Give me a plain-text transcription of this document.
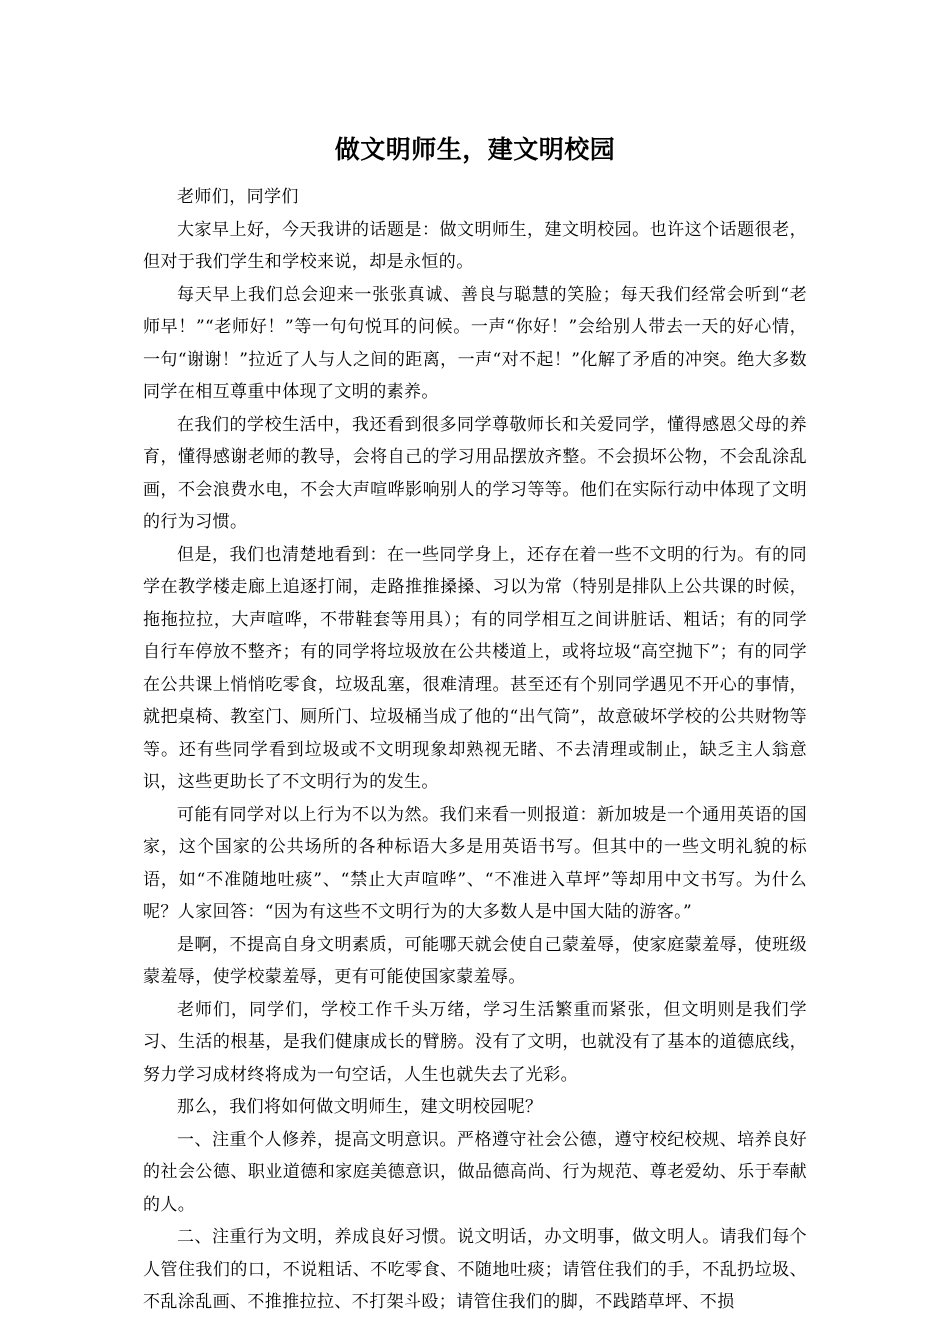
做文明师生，建文明校园

老师们，同学们

大家早上好，今天我讲的话题是：做文明师生，建文明校园。也许这个话题很老，但对于我们学生和学校来说，却是永恒的。

每天早上我们总会迎来一张张真诚、善良与聪慧的笑脸；每天我们经常会听到“老师早！”“老师好！”等一句句悦耳的问候。一声“你好！”会给别人带去一天的好心情，一句“谢谢！”拉近了人与人之间的距离，一声“对不起！”化解了矛盾的冲突。绝大多数同学在相互尊重中体现了文明的素养。

在我们的学校生活中，我还看到很多同学尊敬师长和关爱同学，懂得感恩父母的养育，懂得感谢老师的教导，会将自己的学习用品摆放齐整。不会损坏公物，不会乱涂乱画，不会浪费水电，不会大声喧哗影响别人的学习等等。他们在实际行动中体现了文明的行为习惯。

但是，我们也清楚地看到：在一些同学身上，还存在着一些不文明的行为。有的同学在教学楼走廊上追逐打闹，走路推推搡搡、习以为常（特别是排队上公共课的时候，拖拖拉拉，大声喧哗，不带鞋套等用具）；有的同学相互之间讲脏话、粗话；有的同学自行车停放不整齐；有的同学将垃圾放在公共楼道上，或将垃圾“高空抛下”；有的同学在公共课上悄悄吃零食，垃圾乱塞，很难清理。甚至还有个别同学遇见不开心的事情，就把桌椅、教室门、厕所门、垃圾桶当成了他的“出气筒”，故意破坏学校的公共财物等等。还有些同学看到垃圾或不文明现象却熟视无睹、不去清理或制止，缺乏主人翁意识，这些更助长了不文明行为的发生。

可能有同学对以上行为不以为然。我们来看一则报道：新加坡是一个通用英语的国家，这个国家的公共场所的各种标语大多是用英语书写。但其中的一些文明礼貌的标语，如“不准随地吐痰”、“禁止大声喧哗”、“不准进入草坪”等却用中文书写。为什么呢？人家回答：“因为有这些不文明行为的大多数人是中国大陆的游客。”

是啊，不提高自身文明素质，可能哪天就会使自己蒙羞辱，使家庭蒙羞辱，使班级蒙羞辱，使学校蒙羞辱，更有可能使国家蒙羞辱。

老师们，同学们，学校工作千头万绪，学习生活繁重而紧张，但文明则是我们学习、生活的根基，是我们健康成长的臂膀。没有了文明，也就没有了基本的道德底线，努力学习成材终将成为一句空话，人生也就失去了光彩。

那么，我们将如何做文明师生，建文明校园呢？

一、注重个人修养，提高文明意识。严格遵守社会公德，遵守校纪校规、培养良好的社会公德、职业道德和家庭美德意识，做品德高尚、行为规范、尊老爱幼、乐于奉献的人。

二、注重行为文明，养成良好习惯。说文明话，办文明事，做文明人。请我们每个人管住我们的口，不说粗话、不吃零食、不随地吐痰；请管住我们的手，不乱扔垃圾、不乱涂乱画、不推推拉拉、不打架斗殴；请管住我们的脚，不践踏草坪、不损
